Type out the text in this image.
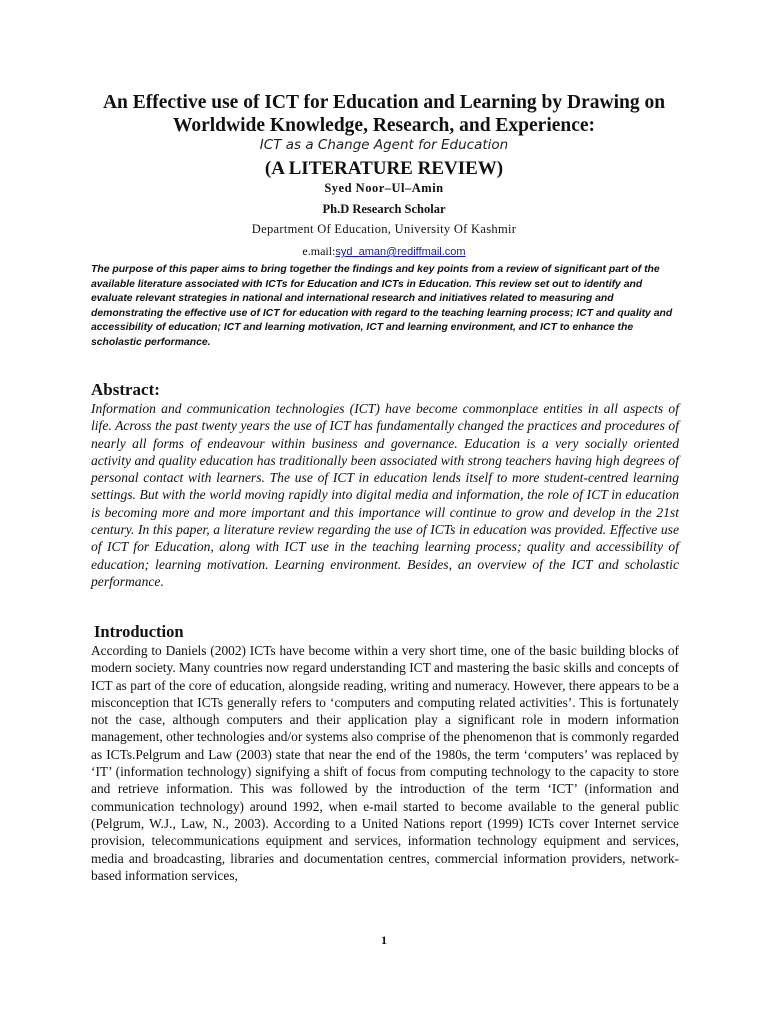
An Effective use of ICT for Education and Learning by Drawing on
Worldwide Knowledge, Research, and Experience:
ICT as a Change Agent for Education
(A LITERATURE REVIEW)
Syed Noor–Ul–Amin
Ph.D Research Scholar
Department Of Education, University Of Kashmir
e.mail:syd_aman@rediffmail.com
The purpose of this paper aims to bring together the findings and key points from a review of significant part of the available literature associated with ICTs for Education and ICTs in Education. This review set out to identify and evaluate relevant strategies in national and international research and initiatives related to measuring and demonstrating the effective use of ICT for education with regard to the teaching learning process; ICT and quality and accessibility of education; ICT and learning motivation, ICT and learning environment, and ICT to enhance the scholastic performance.
Abstract:
Information and communication technologies (ICT) have become commonplace entities in all aspects of life. Across the past twenty years the use of ICT has fundamentally changed the practices and procedures of nearly all forms of endeavour within business and governance. Education is a very socially oriented activity and quality education has traditionally been associated with strong teachers having high degrees of personal contact with learners. The use of ICT in education lends itself to more student-centred learning settings. But with the world moving rapidly into digital media and information, the role of ICT in education is becoming more and more important and this importance will continue to grow and develop in the 21st century. In this paper, a literature review regarding the use of ICTs in education was provided. Effective use of ICT for Education, along with ICT use in the teaching learning process; quality and accessibility of education; learning motivation. Learning environment. Besides, an overview of the ICT and scholastic performance.
Introduction
According to Daniels (2002) ICTs have become within a very short time, one of the basic building blocks of modern society. Many countries now regard understanding ICT and mastering the basic skills and concepts of ICT as part of the core of education, alongside reading, writing and numeracy. However, there appears to be a misconception that ICTs generally refers to ‘computers and computing related activities’. This is fortunately not the case, although computers and their application play a significant role in modern information management, other technologies and/or systems also comprise of the phenomenon that is commonly regarded as ICTs.Pelgrum and Law (2003) state that near the end of the 1980s, the term ‘computers’ was replaced by ‘IT’ (information technology) signifying a shift of focus from computing technology to the capacity to store and retrieve information. This was followed by the introduction of the term ‘ICT’ (information and communication technology) around 1992, when e-mail started to become available to the general public (Pelgrum, W.J., Law, N., 2003). According to a United Nations report (1999) ICTs cover Internet service provision, telecommunications equipment and services, information technology equipment and services, media and broadcasting, libraries and documentation centres, commercial information providers, network-based information services,
1
